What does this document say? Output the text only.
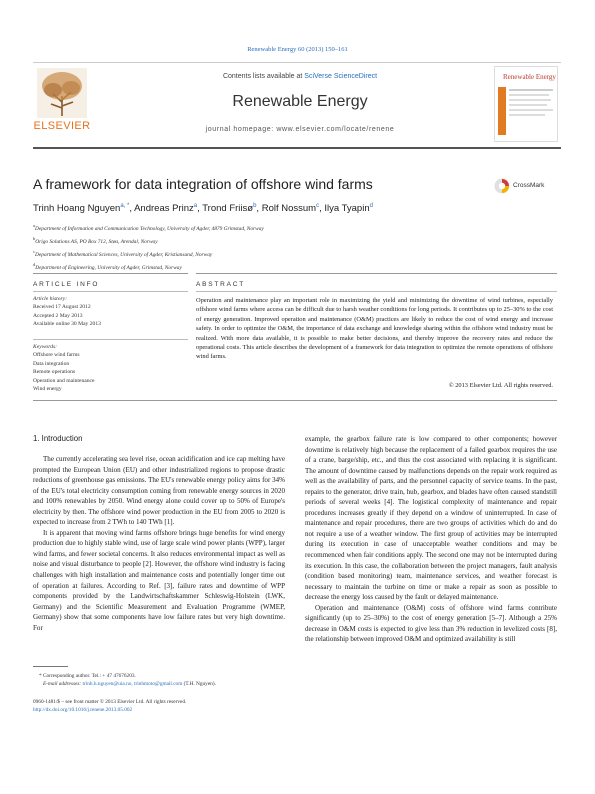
Renewable Energy 60 (2013) 150–161
ELSEVIER
Contents lists available at SciVerse ScienceDirect
Renewable Energy
journal homepage: www.elsevier.com/locate/renene
Renewable Energy
A framework for data integration of offshore wind farms	CrossMark
Trinh Hoang Nguyen$^{a, *}$, Andreas Prinz$^a$, Trond Friisø$^b$, Rolf Nossum$^c$, Ilya Tyapin$^d$
$^a$Department of Information and Communication Technology, University of Agder, 4879 Grimstad, Norway
$^b$Origo Solutions AS, PO Box 712, Støa, Arendal, Norway
$^c$Department of Mathematical Sciences, University of Agder, Kristiansand, Norway
$^d$Department of Engineering, University of Agder, Grimstad, Norway
ARTICLE INFO	ABSTRACT
Article history:
Received 17 August 2012
Accepted 2 May 2013
Available online 30 May 2013
Keywords:
Offshore wind farms
Data integration
Remote operations
Operation and maintenance
Wind energy
Operation and maintenance play an important role in maximizing the yield and minimizing the downtime of wind turbines, especially offshore wind farms where access can be difficult due to harsh weather conditions for long periods. It contributes up to 25–30% to the cost of energy generation. Improved operation and maintenance (O&M) practices are likely to reduce the cost of wind energy and increase safety. In order to optimize the O&M, the importance of data exchange and knowledge sharing within the offshore wind industry must be realized. With more data available, it is possible to make better decisions, and thereby improve the recovery rates and reduce the operational costs. This article describes the development of a framework for data integration to optimize the remote operations of offshore wind farms.
© 2013 Elsevier Ltd. All rights reserved.
1. Introduction

The currently accelerating sea level rise, ocean acidification and ice cap melting have prompted the European Union (EU) and other industrialized regions to propose drastic reductions of greenhouse gas emissions. The EU's renewable energy policy aims for 34% of the EU's total electricity consumption coming from renewable energy sources in 2020 and 100% renewables by 2050. Wind energy alone could cover up to 50% of Europe's electricity by then. The offshore wind power production in the EU from 2005 to 2020 is expected to increase from 2 TWh to 140 TWh [1].

It is apparent that moving wind farms offshore brings huge benefits for wind energy production due to highly stable wind, use of large scale wind power plants (WPP), larger wind farms, and fewer societal concerns. It also reduces environmental impact as well as noise and visual disturbance to people [2]. However, the offshore wind industry is facing challenges with high installation and maintenance costs and potentially longer time out of operation at failures. According to Ref. [3], failure rates and downtime of WPP components provided by the Landwirtschaftskammer Schleswig-Holstein (LWK, Germany) and the Scientific Measurement and Evaluation Programme (WMEP, Germany) show that some components have low failure rates but very high downtime. For

example, the gearbox failure rate is low compared to other components; however downtime is relatively high because the replacement of a failed gearbox requires the use of a crane, barge/ship, etc., and thus the cost associated with replacing it is significant. The amount of downtime caused by malfunctions depends on the repair work required as well as the availability of parts, and the personnel capacity of service teams. In the past, repairs to the generator, drive train, hub, gearbox, and blades have often caused standstill periods of several weeks [4]. The logistical complexity of maintenance and repair procedures increases greatly if they depend on a window of uninterrupted. In case of maintenance and repair procedures, there are two groups of activities which do and do not require a use of a weather window. The first group of activities may be interrupted during its execution in case of unacceptable weather conditions and may be recommenced when fair conditions apply. The second one may not be interrupted during its execution. In this case, the collaboration between the project managers, fault analysis (condition based monitoring) team, maintenance services, and weather forecast is necessary to maintain the turbine on time or make a repair as soon as possible to decrease the energy loss caused by the fault or delayed maintenance.

Operation and maintenance (O&M) costs of offshore wind farms contribute significantly (up to 25–30%) to the cost of energy generation [5–7]. Although a 25% decrease in O&M costs is expected to give less than 3% reduction in levelized costs [8], the relationship between improved O&M and optimized availability is still

* Corresponding author. Tel.: + 47 47676203.
E-mail addresses: trinh.h.nguyen@uia.no, trinhmoto@gmail.com (T.H. Nguyen).
0960-1481/$ – see front matter © 2013 Elsevier Ltd. All rights reserved.
http://dx.doi.org/10.1016/j.renene.2013.05.002
